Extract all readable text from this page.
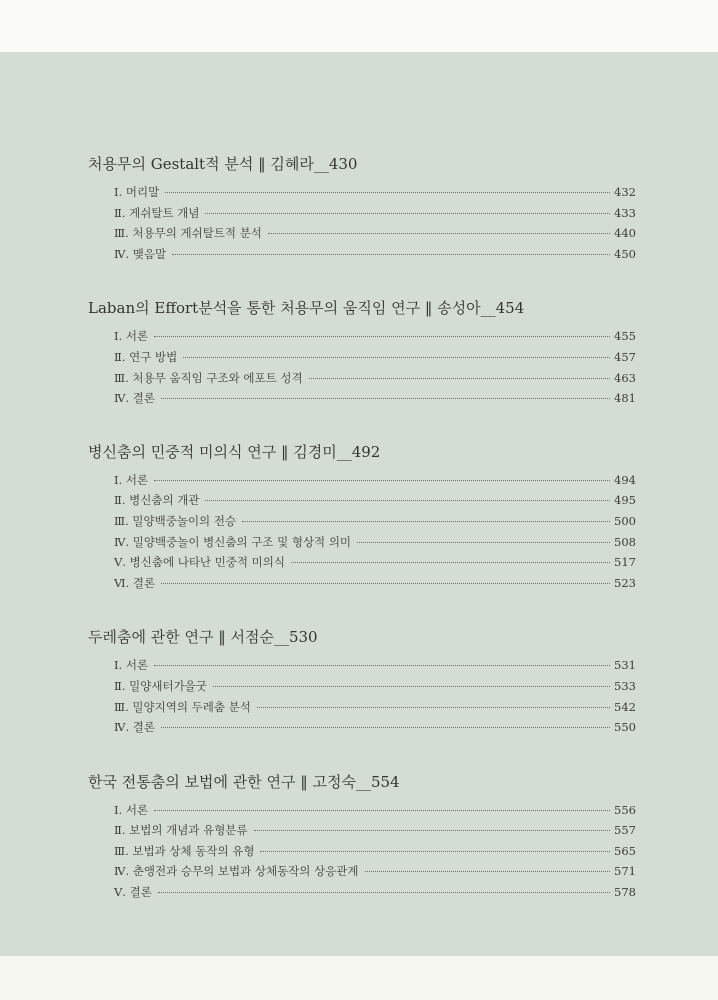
처용무의 Gestalt적 분석 ‖ 김혜라__430
Ⅰ. 머리말	432
Ⅱ. 게쉬탈트 개념	433
Ⅲ. 처용무의 게쉬탈트적 분석	440
Ⅳ. 맺음말	450
Laban의 Effort분석을 통한 처용무의 움직임 연구 ‖ 송성아__454
Ⅰ. 서론	455
Ⅱ. 연구 방법	457
Ⅲ. 처용무 움직임 구조와 에포트 성격	463
Ⅳ. 결론	481
병신춤의 민중적 미의식 연구 ‖ 김경미__492
Ⅰ. 서론	494
Ⅱ. 병신춤의 개관	495
Ⅲ. 밀양백중놀이의 전승	500
Ⅳ. 밀양백중놀이 병신춤의 구조 및 형상적 의미	508
Ⅴ. 병신춤에 나타난 민중적 미의식	517
Ⅵ. 결론	523
두레춤에 관한 연구 ‖ 서점순__530
Ⅰ. 서론	531
Ⅱ. 밀양새터가을굿	533
Ⅲ. 밀양지역의 두레춤 분석	542
Ⅳ. 결론	550
한국 전통춤의 보법에 관한 연구 ‖ 고정숙__554
Ⅰ. 서론	556
Ⅱ. 보법의 개념과 유형분류	557
Ⅲ. 보법과 상체 동작의 유형	565
Ⅳ. 춘앵전과 승무의 보법과 상체동작의 상응관계	571
Ⅴ. 결론	578
